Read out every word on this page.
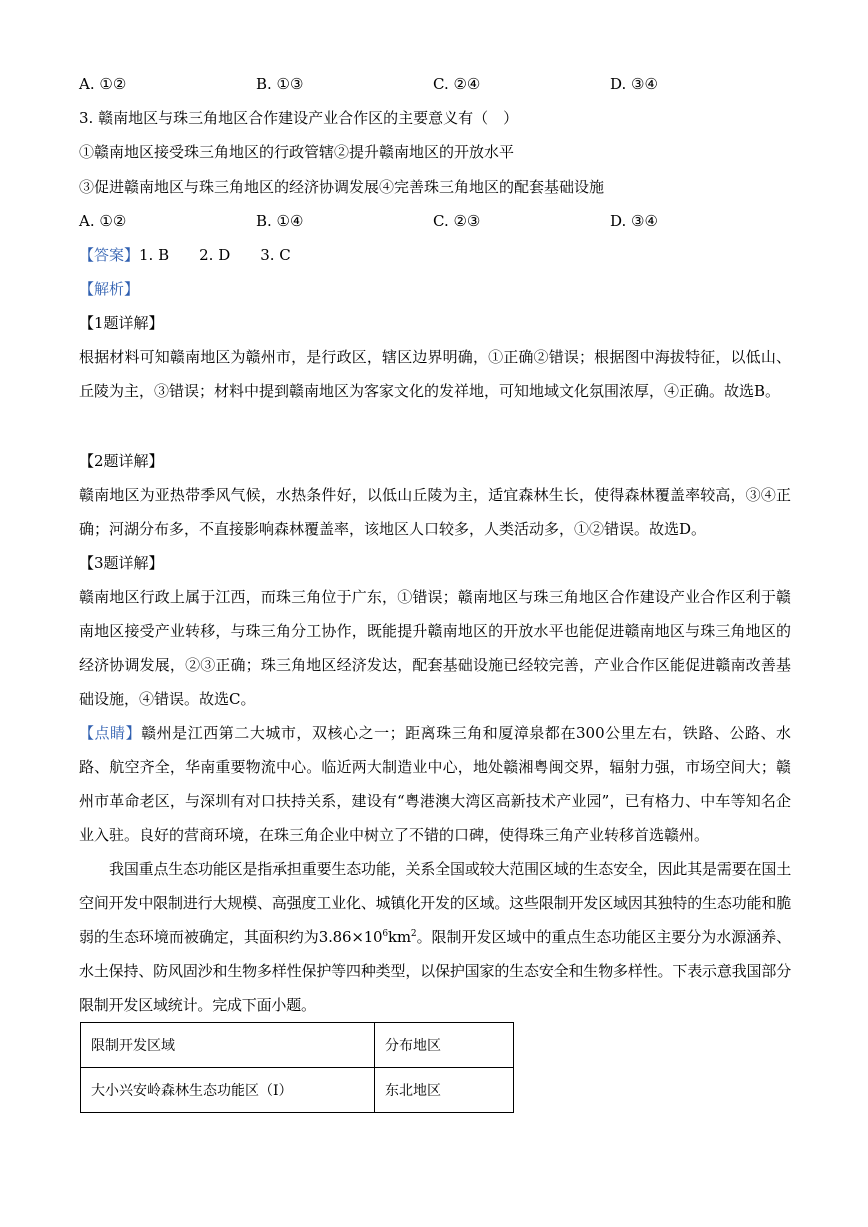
A. ①②	B. ①③	C. ②④	D. ③④
3. 赣南地区与珠三角地区合作建设产业合作区的主要意义有（　）
①赣南地区接受珠三角地区的行政管辖②提升赣南地区的开放水平
③促进赣南地区与珠三角地区的经济协调发展④完善珠三角地区的配套基础设施
A. ①②	B. ①④	C. ②③	D. ③④
【答案】1. B　　2. D　　3. C
【解析】
【1题详解】
根据材料可知赣南地区为赣州市，是行政区，辖区边界明确，①正确②错误；根据图中海拔特征，以低山、丘陵为主，③错误；材料中提到赣南地区为客家文化的发祥地，可知地域文化氛围浓厚，④正确。故选B。
【2题详解】
赣南地区为亚热带季风气候，水热条件好，以低山丘陵为主，适宜森林生长，使得森林覆盖率较高，③④正确；河湖分布多，不直接影响森林覆盖率，该地区人口较多，人类活动多，①②错误。故选D。
【3题详解】
赣南地区行政上属于江西，而珠三角位于广东，①错误；赣南地区与珠三角地区合作建设产业合作区利于赣南地区接受产业转移，与珠三角分工协作，既能提升赣南地区的开放水平也能促进赣南地区与珠三角地区的经济协调发展，②③正确；珠三角地区经济发达，配套基础设施已经较完善，产业合作区能促进赣南改善基础设施，④错误。故选C。
【点睛】赣州是江西第二大城市，双核心之一；距离珠三角和厦漳泉都在300公里左右，铁路、公路、水路、航空齐全，华南重要物流中心。临近两大制造业中心，地处赣湘粤闽交界，辐射力强，市场空间大；赣州市革命老区，与深圳有对口扶持关系，建设有“粤港澳大湾区高新技术产业园”，已有格力、中车等知名企业入驻。良好的营商环境，在珠三角企业中树立了不错的口碑，使得珠三角产业转移首选赣州。
我国重点生态功能区是指承担重要生态功能，关系全国或较大范围区域的生态安全，因此其是需要在国土空间开发中限制进行大规模、高强度工业化、城镇化开发的区域。这些限制开发区域因其独特的生态功能和脆弱的生态环境而被确定，其面积约为$3.86\times 10^6km^2$。限制开发区域中的重点生态功能区主要分为水源涵养、水土保持、防风固沙和生物多样性保护等四种类型，以保护国家的生态安全和生物多样性。下表示意我国部分限制开发区域统计。完成下面小题。
限制开发区域	分布地区
大小兴安岭森林生态功能区（I）	东北地区
